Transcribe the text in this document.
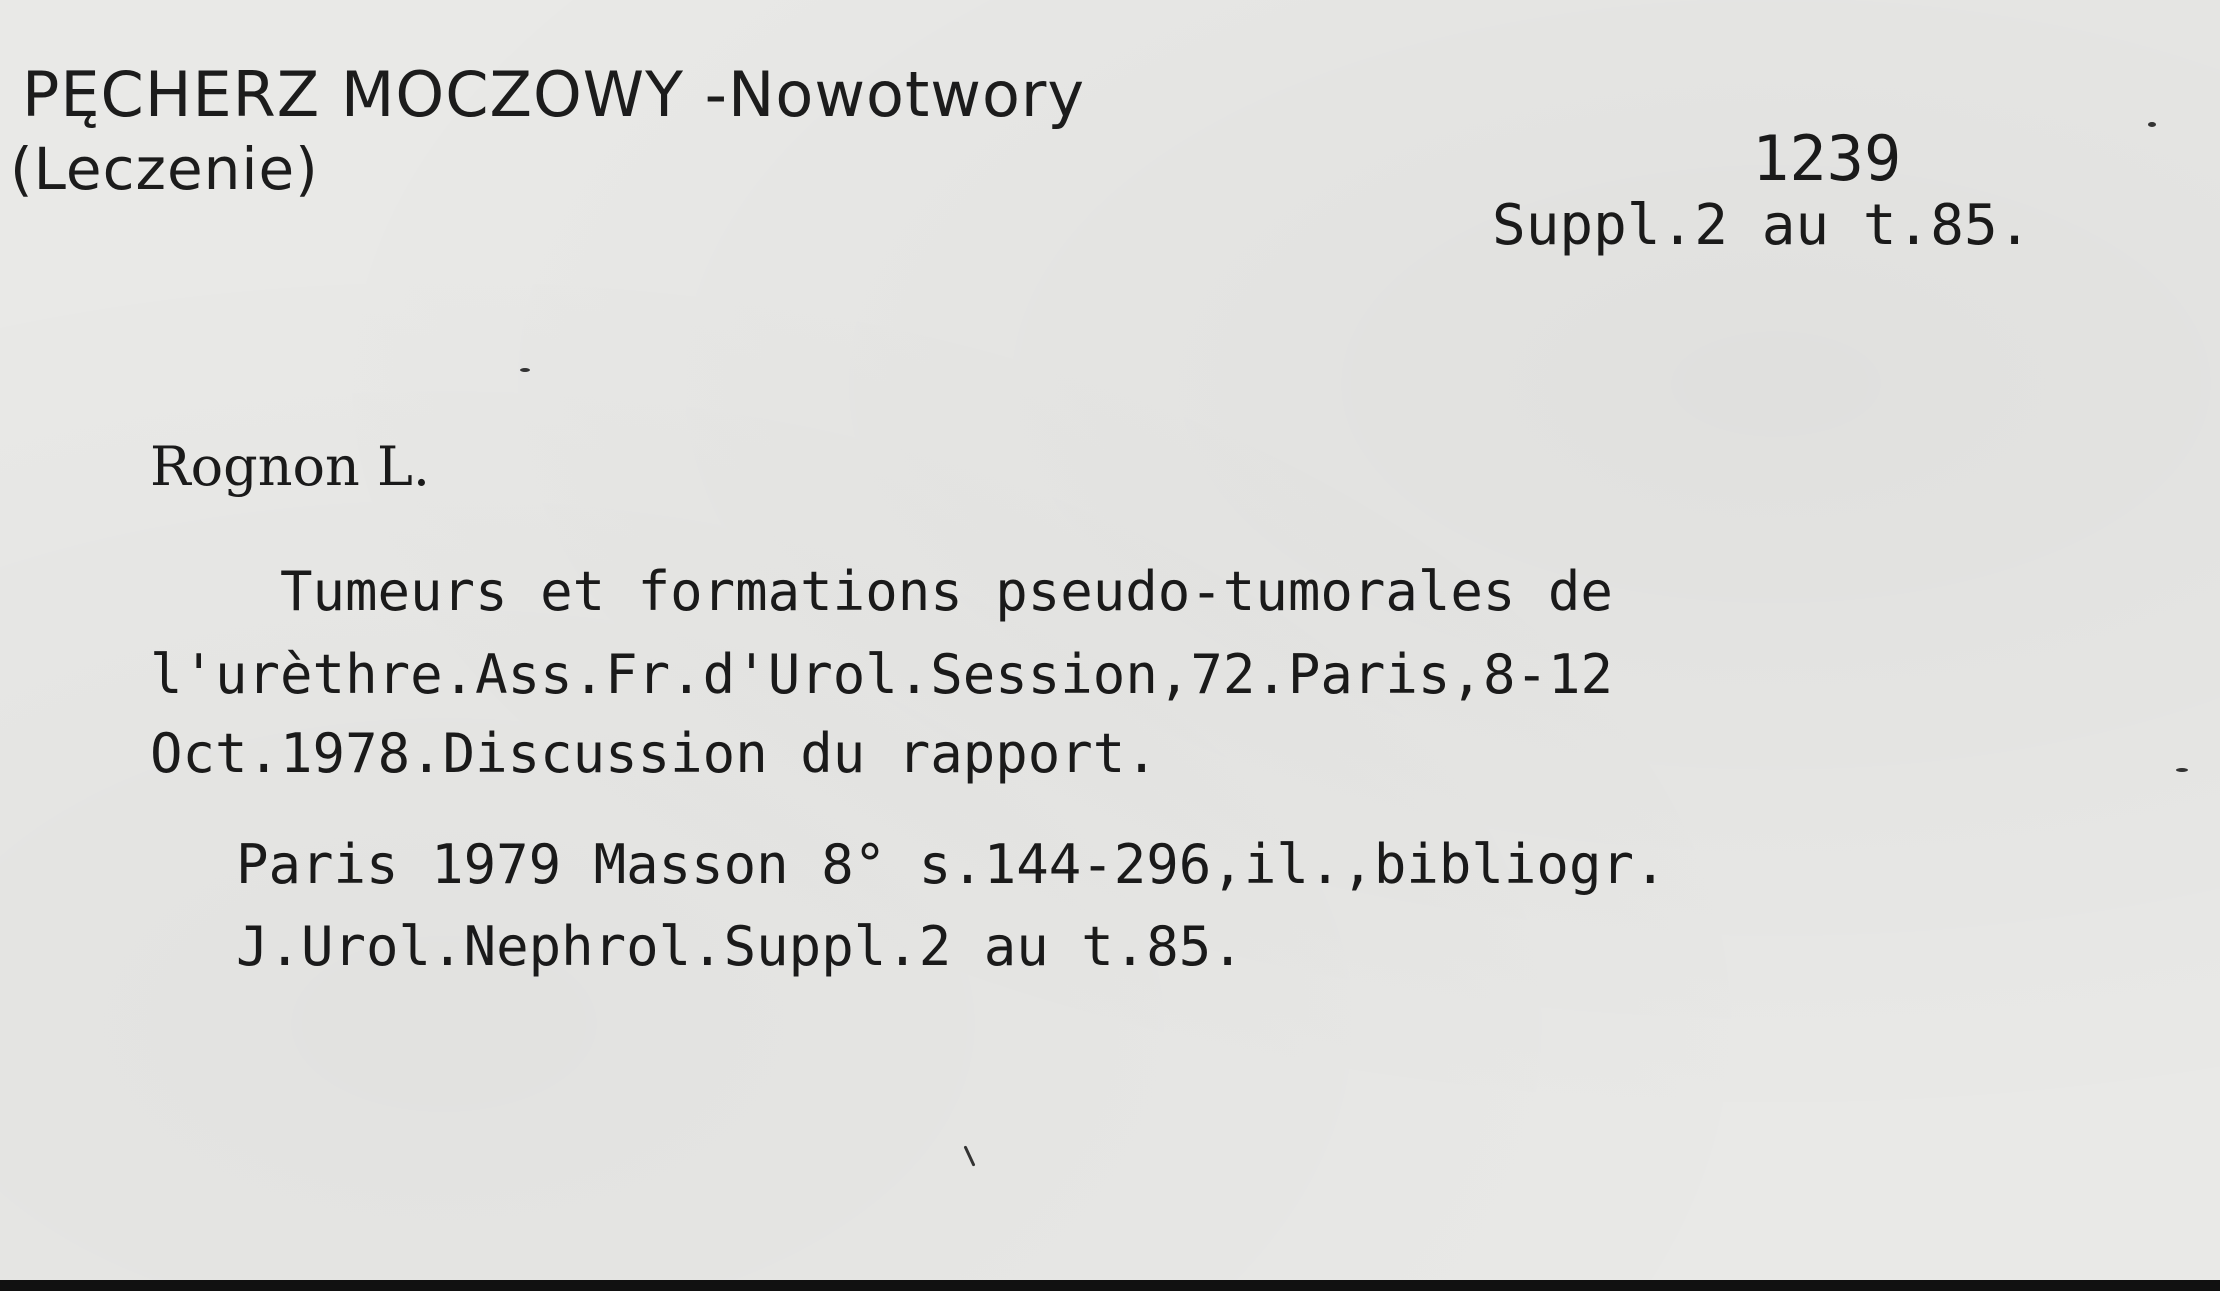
PĘCHERZ MOCZOWY -Nowotwory
(Leczenie)	1239
Suppl.2 au t.85.
Rognon L.
Tumeurs et formations pseudo-tumorales de
l'urèthre.Ass.Fr.d'Urol.Session,72.Paris,8-12
Oct.1978.Discussion du rapport.
Paris 1979 Masson 8° s.144-296,il.,bibliogr.
J.Urol.Nephrol.Suppl.2 au t.85.
